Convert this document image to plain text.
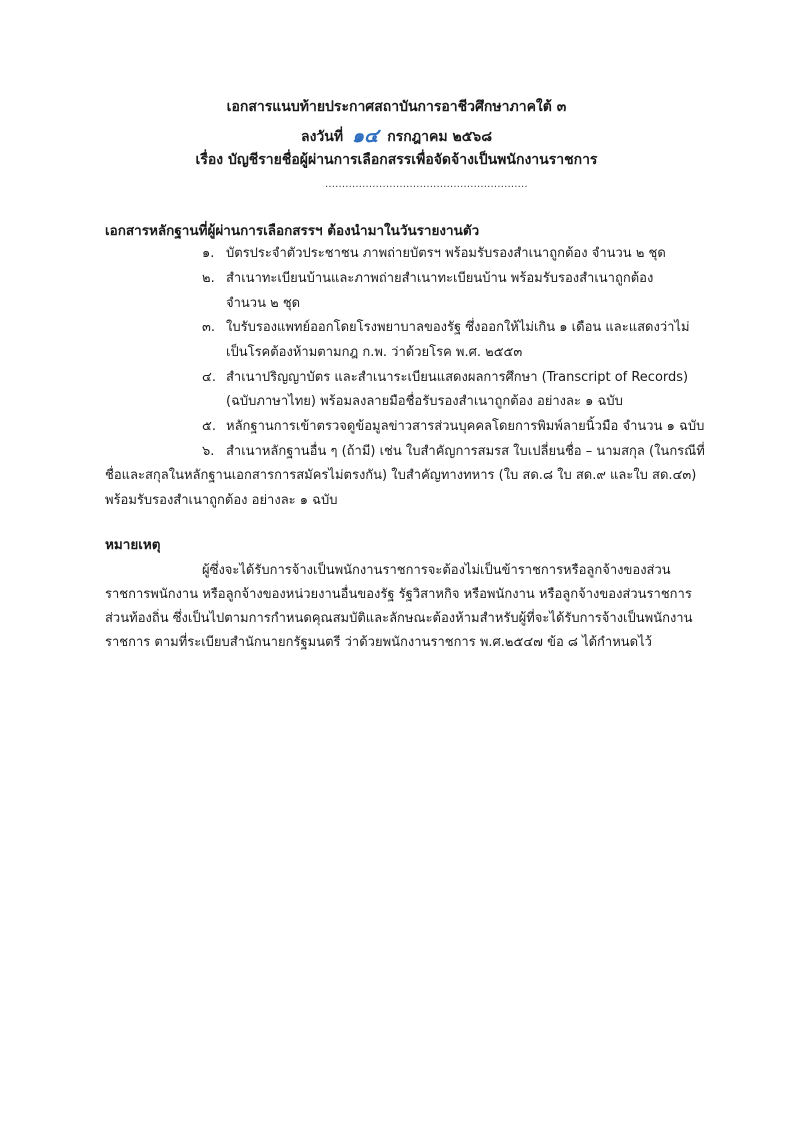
เอกสารแนบท้ายประกาศสถาบันการอาชีวศึกษาภาคใต้ ๓
ลงวันที่ ๑๔ กรกฎาคม ๒๕๖๘
เรื่อง บัญชีรายชื่อผู้ผ่านการเลือกสรรเพื่อจัดจ้างเป็นพนักงานราชการ
............................................................
เอกสารหลักฐานที่ผู้ผ่านการเลือกสรรฯ ต้องนำมาในวันรายงานตัว
๑. บัตรประจำตัวประชาชน ภาพถ่ายบัตรฯ พร้อมรับรองสำเนาถูกต้อง จำนวน ๒ ชุด
๒. สำเนาทะเบียนบ้านและภาพถ่ายสำเนาทะเบียนบ้าน พร้อมรับรองสำเนาถูกต้อง
จำนวน ๒ ชุด
๓. ใบรับรองแพทย์ออกโดยโรงพยาบาลของรัฐ ซึ่งออกให้ไม่เกิน ๑ เดือน และแสดงว่าไม่
เป็นโรคต้องห้ามตามกฎ ก.พ. ว่าด้วยโรค พ.ศ. ๒๕๕๓
๔. สำเนาปริญญาบัตร และสำเนาระเบียนแสดงผลการศึกษา (Transcript of Records)
(ฉบับภาษาไทย) พร้อมลงลายมือชื่อรับรองสำเนาถูกต้อง อย่างละ ๑ ฉบับ
๕. หลักฐานการเข้าตรวจดูข้อมูลข่าวสารส่วนบุคคลโดยการพิมพ์ลายนิ้วมือ จำนวน ๑ ฉบับ
๖. สำเนาหลักฐานอื่น ๆ (ถ้ามี) เช่น ใบสำคัญการสมรส ใบเปลี่ยนชื่อ – นามสกุล (ในกรณีที่
ชื่อและสกุลในหลักฐานเอกสารการสมัครไม่ตรงกัน) ใบสำคัญทางทหาร (ใบ สด.๘ ใบ สด.๙ และใบ สด.๔๓)
พร้อมรับรองสำเนาถูกต้อง อย่างละ ๑ ฉบับ
หมายเหตุ
ผู้ซึ่งจะได้รับการจ้างเป็นพนักงานราชการจะต้องไม่เป็นข้าราชการหรือลูกจ้างของส่วน
ราชการพนักงาน หรือลูกจ้างของหน่วยงานอื่นของรัฐ รัฐวิสาหกิจ หรือพนักงาน หรือลูกจ้างของส่วนราชการ
ส่วนท้องถิ่น ซึ่งเป็นไปตามการกำหนดคุณสมบัติและลักษณะต้องห้ามสำหรับผู้ที่จะได้รับการจ้างเป็นพนักงาน
ราชการ ตามที่ระเบียบสำนักนายกรัฐมนตรี ว่าด้วยพนักงานราชการ พ.ศ.๒๕๔๗ ข้อ ๘ ได้กำหนดไว้
